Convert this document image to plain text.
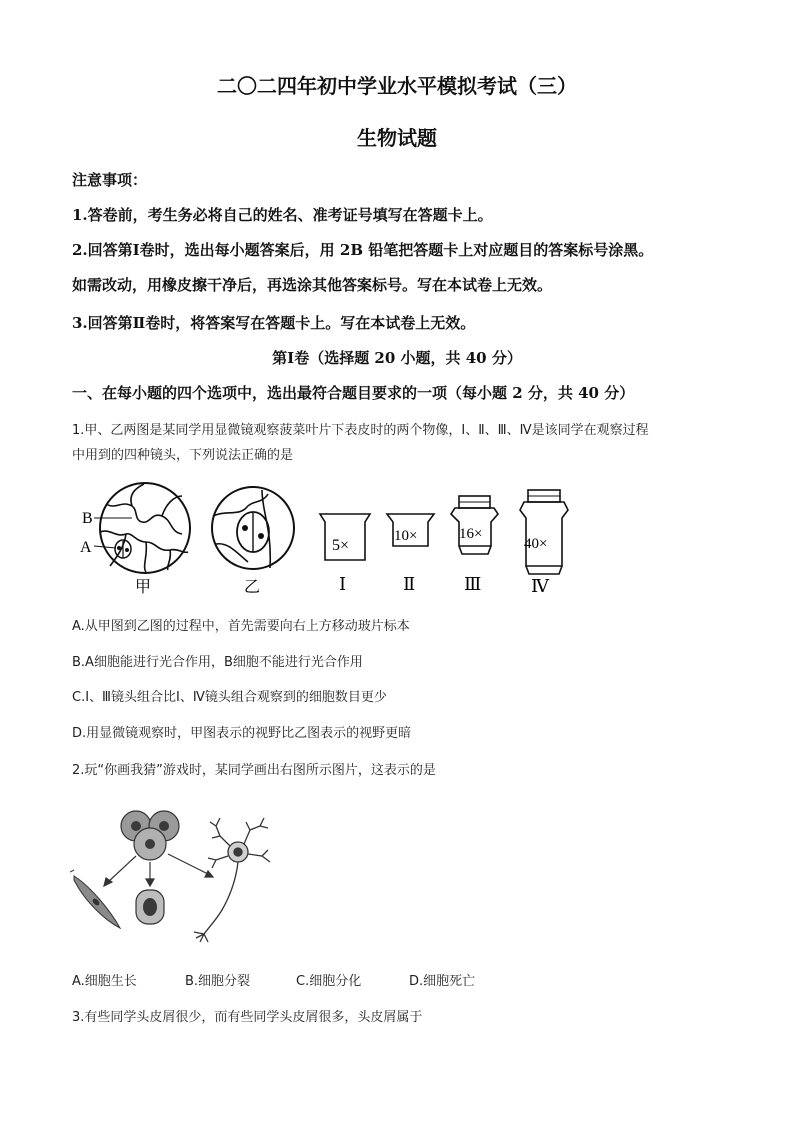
二〇二四年初中学业水平模拟考试（三）
生物试题
注意事项：
1.答卷前，考生务必将自己的姓名、准考证号填写在答题卡上。
2.回答第Ⅰ卷时，选出每小题答案后，用 2B 铅笔把答题卡上对应题目的答案标号涂黑。
如需改动，用橡皮擦干净后，再选涂其他答案标号。写在本试卷上无效。
3.回答第Ⅱ卷时，将答案写在答题卡上。写在本试卷上无效。
第Ⅰ卷（选择题 20 小题，共 40 分）
一、在每小题的四个选项中，选出最符合题目要求的一项（每小题 2 分，共 40 分）
1.甲、乙两图是某同学用显微镜观察菠菜叶片下表皮时的两个物像，Ⅰ、Ⅱ、Ⅲ、Ⅳ是该同学在观察过程
中用到的四种镜头，下列说法正确的是
B
A
甲	乙
5×
Ⅰ
10×
Ⅱ
16×
Ⅲ
40×
Ⅳ
A.从甲图到乙图的过程中，首先需要向右上方移动玻片标本
B.A细胞能进行光合作用，B细胞不能进行光合作用
C.Ⅰ、Ⅲ镜头组合比Ⅰ、Ⅳ镜头组合观察到的细胞数目更少
D.用显微镜观察时，甲图表示的视野比乙图表示的视野更暗
2.玩“你画我猜”游戏时，某同学画出右图所示图片，这表示的是
A.细胞生长	B.细胞分裂	C.细胞分化	D.细胞死亡
3.有些同学头皮屑很少，而有些同学头皮屑很多，头皮屑属于
